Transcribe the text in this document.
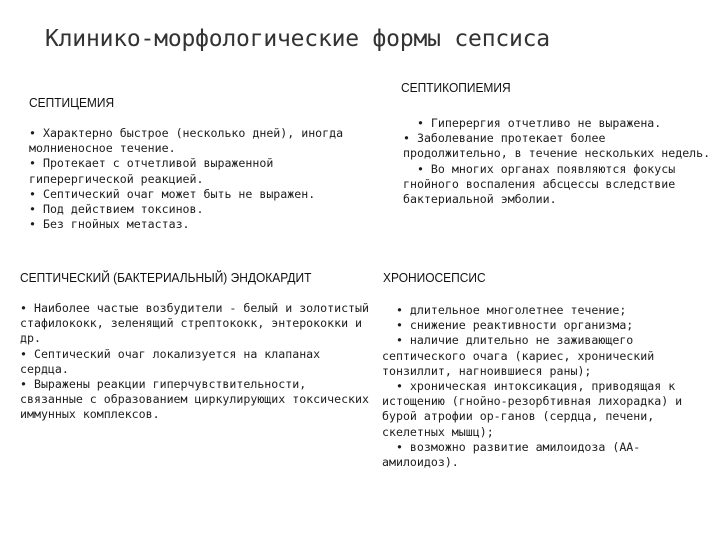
Клинико-морфологические формы сепсиса
СЕПТИЦЕМИЯ
• Характерно быстрое (несколько дней), иногда молниеносное течение.
• Протекает с отчетливой выраженной гиперергической реакцией.
• Септический очаг может быть не выражен.
• Под действием токсинов.
• Без гнойных метастаз.
СЕПТИКОПИЕМИЯ
• Гиперергия отчетливо не выражена.
• Заболевание протекает более продолжительно, в течение нескольких недель.
• Во многих органах появляются фокусы гнойного воспаления абсцессы вследствие бактериальной эмболии.
СЕПТИЧЕСКИЙ (БАКТЕРИАЛЬНЫЙ) ЭНДОКАРДИТ
• Наиболее частые возбудители - белый и золотистый стафилококк, зеленящий стрептококк, энтерококки и др.
• Септический очаг локализуется на клапанах сердца.
• Выражены реакции гиперчувствительности, связанные с образованием циркулирующих токсических иммунных комплексов.
ХРОНИОСЕПСИС
• длительное многолетнее течение;
• снижение реактивности организма;
• наличие длительно не заживающего септического очага (кариес, хронический тонзиллит, нагноившиеся раны);
• хроническая интоксикация, приводящая к истощению (гнойно-резорбтивная лихорадка) и бурой атрофии ор-ганов (сердца, печени, скелетных мышц);
• возможно развитие амилоидоза (АА-амилоидоз).
